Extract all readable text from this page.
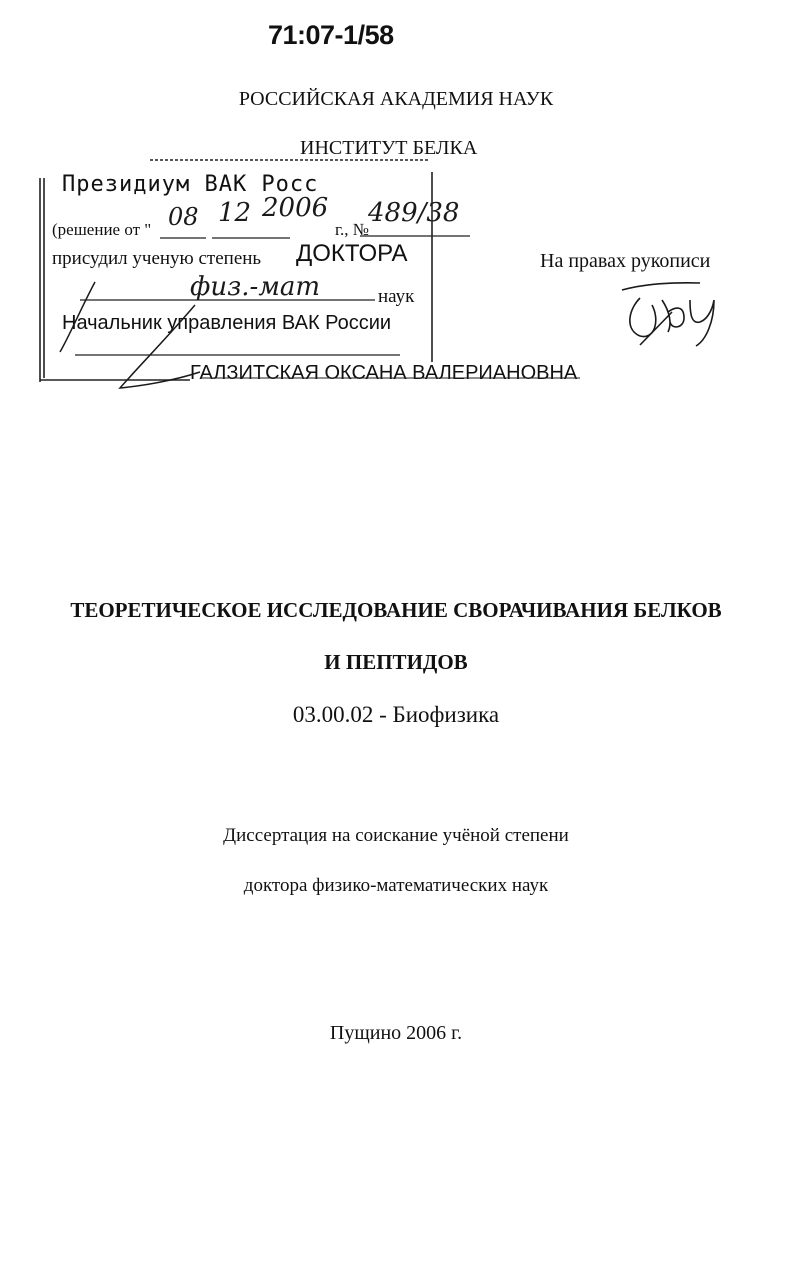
71:07-1/58
РОССИЙСКАЯ АКАДЕМИЯ НАУК
ИНСТИТУТ БЕЛКА
На правах рукописи
Президиум ВАК Росс
(решение от " 08 12 2006
г., №
489/38
присудил ученую степень ДОКТОРА
физ.-мат	наук
Начальник управления ВАК России
ГАЛЗИТСКАЯ ОКСАНА ВАЛЕРИАНОВНА
ТЕОРЕТИЧЕСКОЕ ИССЛЕДОВАНИЕ СВОРАЧИВАНИЯ БЕЛКОВ
И ПЕПТИДОВ
03.00.02 - Биофизика
Диссертация на соискание учёной степени
доктора физико-математических наук
Пущино 2006 г.
